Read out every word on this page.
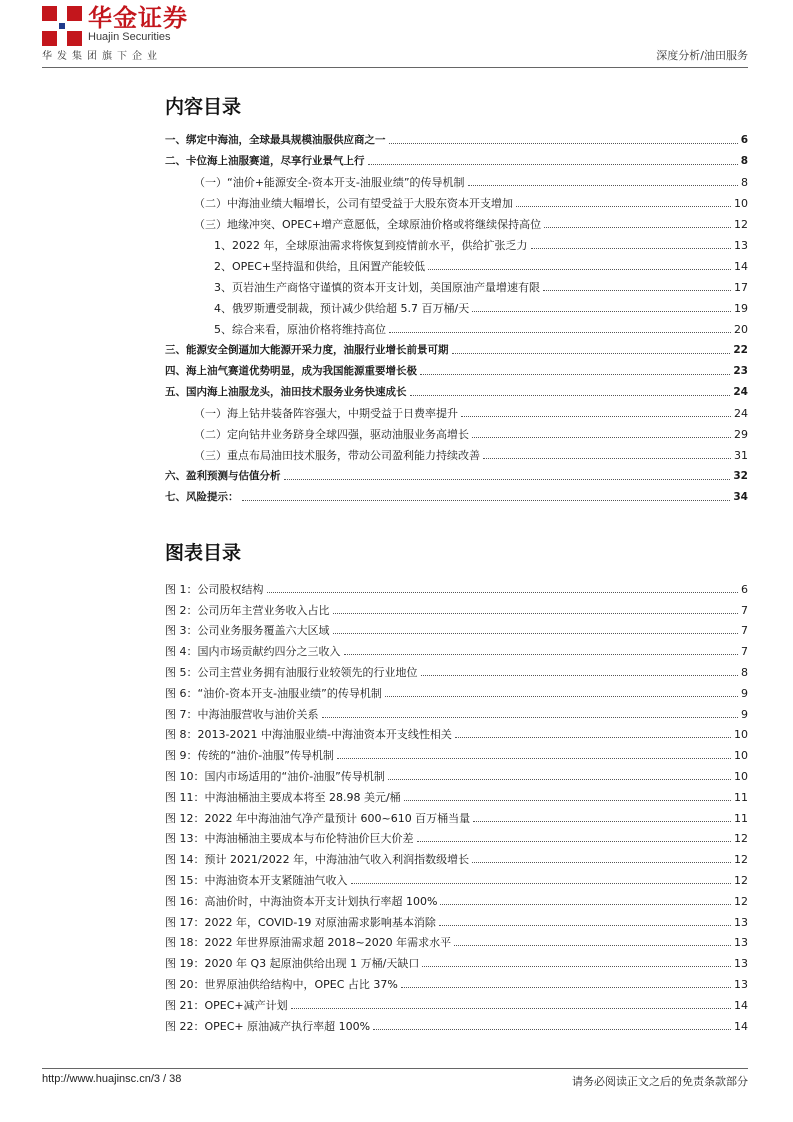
华金证券
Huajin Securities
华发集团旗下企业	深度分析/油田服务
内容目录
一、绑定中海油，全球最具规模油服供应商之一	6
二、卡位海上油服赛道，尽享行业景气上行	8
（一）“油价+能源安全-资本开支-油服业绩”的传导机制	8
（二）中海油业绩大幅增长，公司有望受益于大股东资本开支增加	10
（三）地缘冲突、OPEC+增产意愿低，全球原油价格或将继续保持高位	12
1、2022 年，全球原油需求将恢复到疫情前水平，供给扩张乏力	13
2、OPEC+坚持温和供给，且闲置产能较低	14
3、页岩油生产商恪守谨慎的资本开支计划，美国原油产量增速有限	17
4、俄罗斯遭受制裁，预计减少供给超 5.7 百万桶/天	19
5、综合来看，原油价格将维持高位	20
三、能源安全倒逼加大能源开采力度，油服行业增长前景可期	22
四、海上油气赛道优势明显，成为我国能源重要增长极	23
五、国内海上油服龙头，油田技术服务业务快速成长	24
（一）海上钻井装备阵容强大，中期受益于日费率提升	24
（二）定向钻井业务跻身全球四强，驱动油服业务高增长	29
（三）重点布局油田技术服务，带动公司盈利能力持续改善	31
六、盈利预测与估值分析	32
七、风险提示：	34
图表目录
图 1：公司股权结构	6
图 2：公司历年主营业务收入占比	7
图 3：公司业务服务覆盖六大区域	7
图 4：国内市场贡献约四分之三收入	7
图 5：公司主营业务拥有油服行业较领先的行业地位	8
图 6：“油价-资本开支-油服业绩”的传导机制	9
图 7：中海油服营收与油价关系	9
图 8：2013-2021 中海油服业绩-中海油资本开支线性相关	10
图 9：传统的“油价-油服”传导机制	10
图 10：国内市场适用的“油价-油服”传导机制	10
图 11：中海油桶油主要成本将至 28.98 美元/桶	11
图 12：2022 年中海油油气净产量预计 600~610 百万桶当量	11
图 13：中海油桶油主要成本与布伦特油价巨大价差	12
图 14：预计 2021/2022 年，中海油油气收入利润指数级增长	12
图 15：中海油资本开支紧随油气收入	12
图 16：高油价时，中海油资本开支计划执行率超 100%	12
图 17：2022 年，COVID-19 对原油需求影响基本消除	13
图 18：2022 年世界原油需求超 2018~2020 年需求水平	13
图 19：2020 年 Q3 起原油供给出现 1 万桶/天缺口	13
图 20：世界原油供给结构中，OPEC 占比 37%	13
图 21：OPEC+减产计划	14
图 22：OPEC+ 原油减产执行率超 100%	14
http://www.huajinsc.cn/3 / 38	请务必阅读正文之后的免责条款部分
